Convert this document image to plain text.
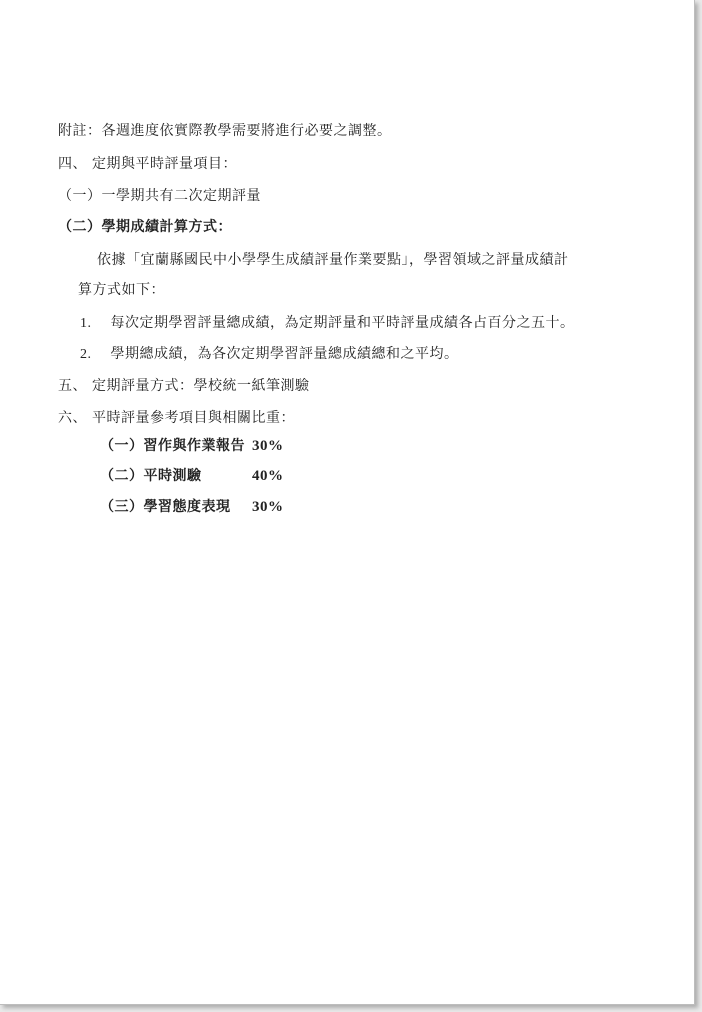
附註：各週進度依實際教學需要將進行必要之調整。
四、 定期與平時評量項目：
（一）一學期共有二次定期評量
（二）學期成績計算方式：
依據「宜蘭縣國民中小學學生成績評量作業要點」，學習領域之評量成績計
算方式如下：
1. 每次定期學習評量總成績，為定期評量和平時評量成績各占百分之五十。
2. 學期總成績，為各次定期學習評量總成績總和之平均。
五、 定期評量方式：學校統一紙筆測驗
六、 平時評量參考項目與相關比重：
（一）習作與作業報告 30%
（二）平時測驗	40%
（三）學習態度表現 30%
